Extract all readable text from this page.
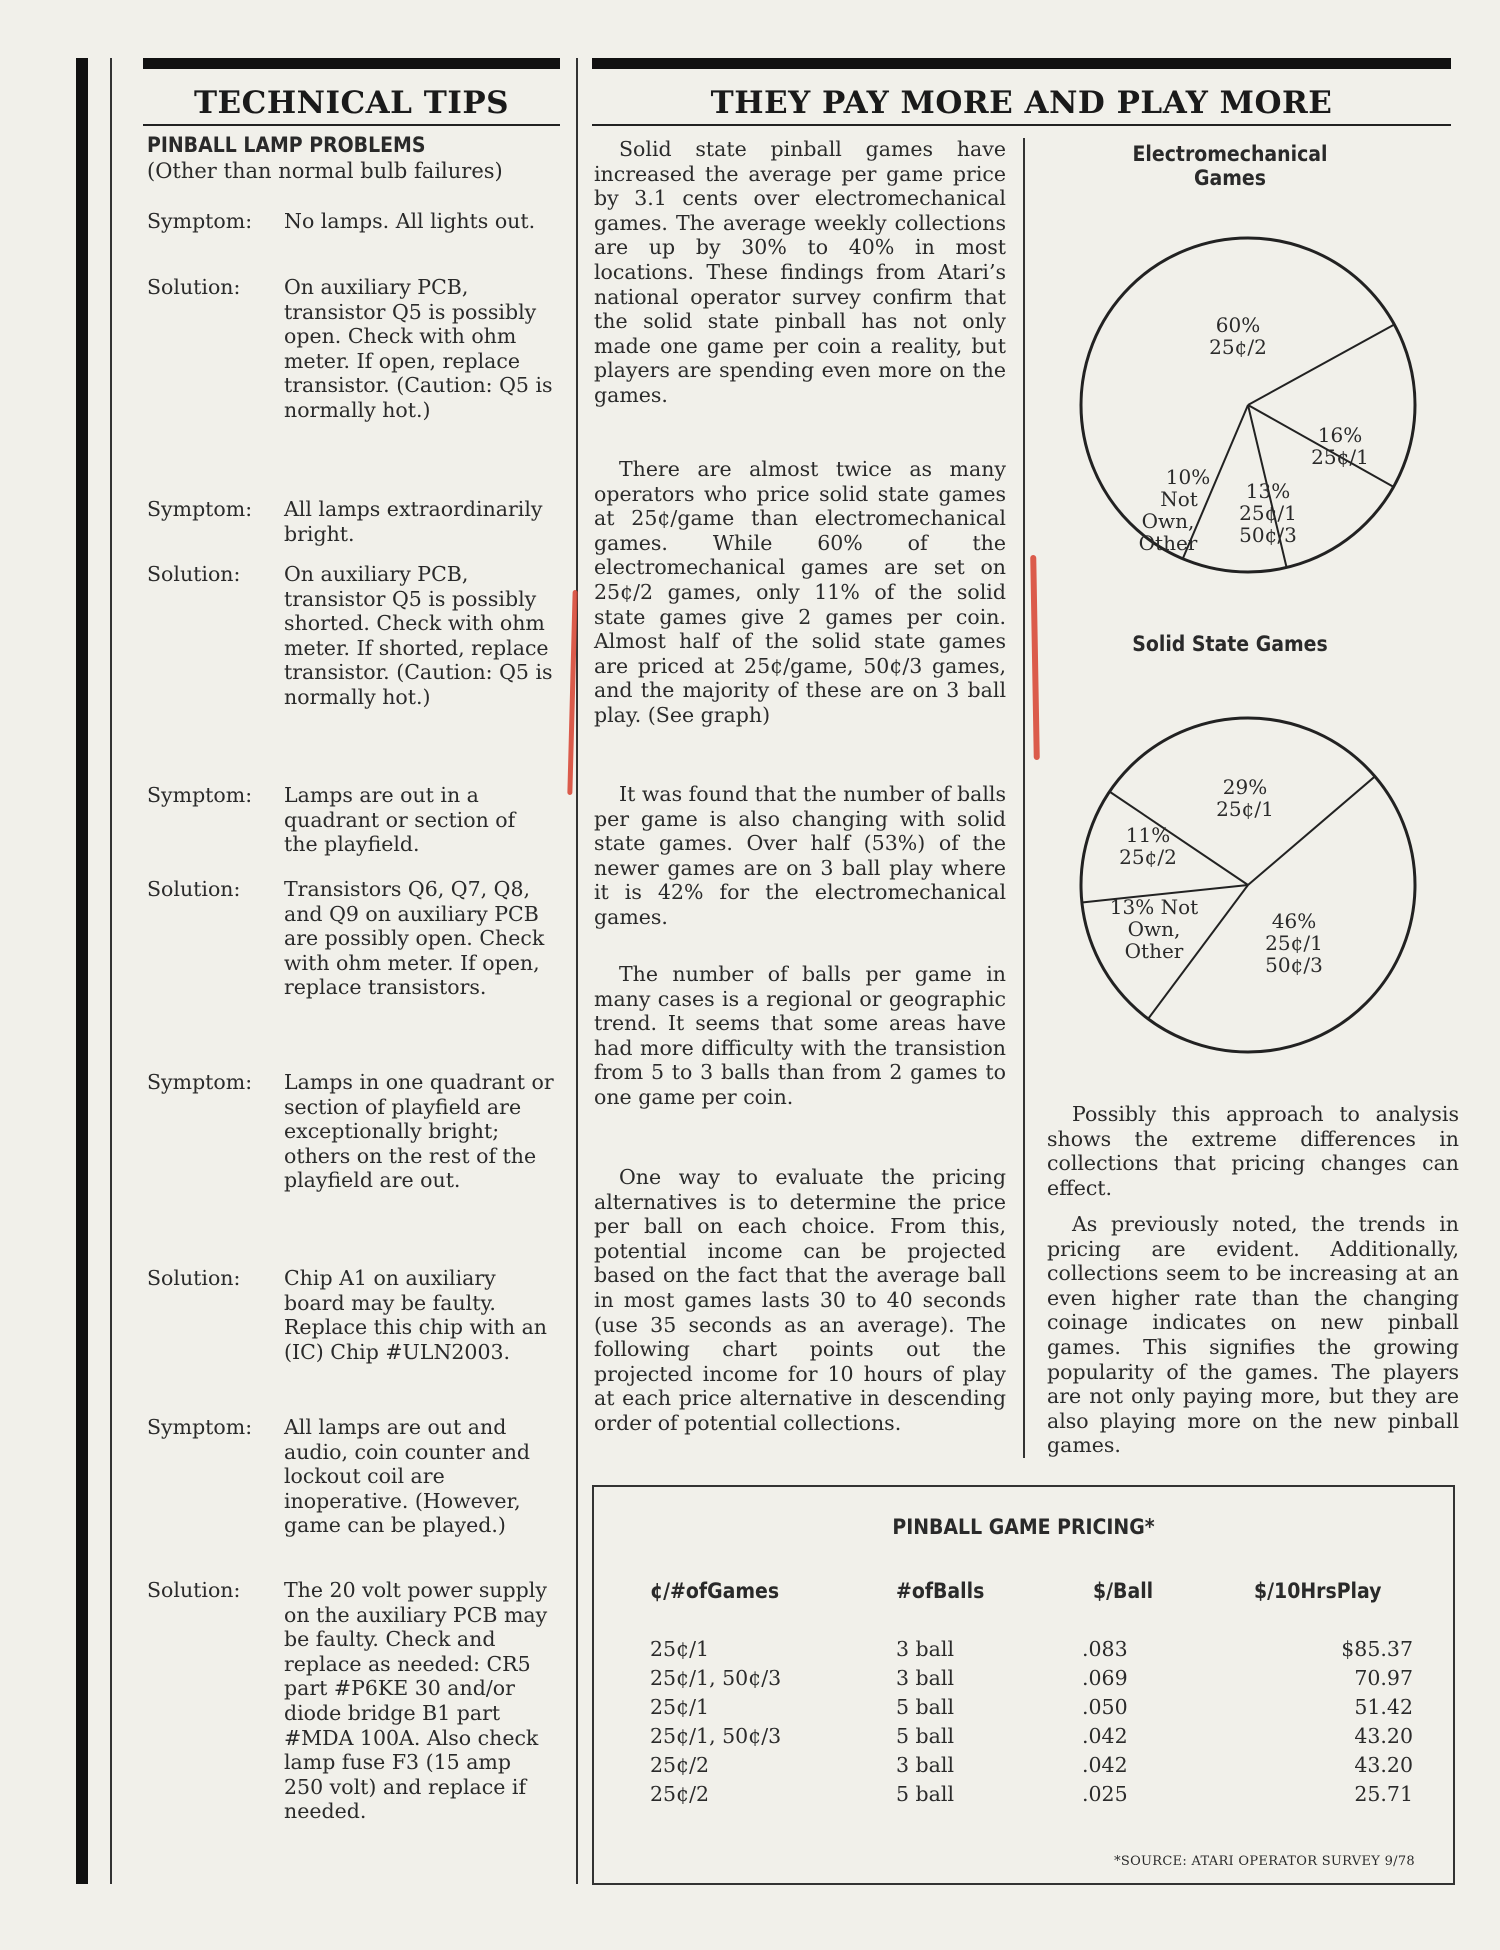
TECHNICAL TIPS
PINBALL LAMP PROBLEMS
(Other than normal bulb failures)
Symptom:	No lamps. All lights out.
Solution:	On auxiliary PCB, transistor Q5 is possibly open. Check with ohm meter. If open, replace transistor. (Caution: Q5 is normally hot.)
Symptom:	All lamps extraordinarily bright.
Solution:	On auxiliary PCB, transistor Q5 is possibly shorted. Check with ohm meter. If shorted, replace transistor. (Caution: Q5 is normally hot.)
Symptom:	Lamps are out in a quadrant or section of the playfield.
Solution:	Transistors Q6, Q7, Q8, and Q9 on auxiliary PCB are possibly open. Check with ohm meter. If open, replace transistors.
Symptom:	Lamps in one quadrant or section of playfield are exceptionally bright; others on the rest of the playfield are out.
Solution:	Chip A1 on auxiliary board may be faulty. Replace this chip with an (IC) Chip #ULN2003.
Symptom:	All lamps are out and audio, coin counter and lockout coil are inoperative. (However, game can be played.)
Solution:	The 20 volt power supply on the auxiliary PCB may be faulty. Check and replace as needed: CR5 part #P6KE 30 and/or diode bridge B1 part #MDA 100A. Also check lamp fuse F3 (15 amp 250 volt) and replace if needed.
THEY PAY MORE AND PLAY MORE
Solid state pinball games have increased the average per game price by 3.1 cents over electromechanical games. The average weekly collections are up by 30% to 40% in most locations. These findings from Atari’s national operator survey confirm that the solid state pinball has not only made one game per coin a reality, but players are spending even more on the games.
There are almost twice as many operators who price solid state games at 25¢/game than electromechanical games. While 60% of the electromechanical games are set on 25¢/2 games, only 11% of the solid state games give 2 games per coin. Almost half of the solid state games are priced at 25¢/game, 50¢/3 games, and the majority of these are on 3 ball play. (See graph)
It was found that the number of balls per game is also changing with solid state games. Over half (53%) of the newer games are on 3 ball play where it is 42% for the electromechanical games.
The number of balls per game in many cases is a regional or geographic trend. It seems that some areas have had more difficulty with the transistion from 5 to 3 balls than from 2 games to one game per coin.
One way to evaluate the pricing alternatives is to determine the price per ball on each choice. From this, potential income can be projected based on the fact that the average ball in most games lasts 30 to 40 seconds (use 35 seconds as an average). The following chart points out the projected income for 10 hours of play at each price alternative in descending order of potential collections.
Possibly this approach to analysis shows the extreme differences in collections that pricing changes can effect.
As previously noted, the trends in pricing are evident. Additionally, collections seem to be increasing at an even higher rate than the changing coinage indicates on new pinball games. This signifies the growing popularity of the games. The players are not only paying more, but they are also playing more on the new pinball games.
Electromechanical Games
60%
25¢/2
16%
25¢/1
13%
25¢/1
50¢/3
10%
Not
Own,
Other
Solid State Games
29%
25¢/1
46%
25¢/1
50¢/3
13% Not
Own,
Other
11%
25¢/2
PINBALL GAME PRICING*
¢/#ofGames	#ofBalls	$/Ball	$/10HrsPlay
25¢/1	3 ball	.083	$85.37
25¢/1, 50¢/3	3 ball	.069	70.97
25¢/1	5 ball	.050	51.42
25¢/1, 50¢/3	5 ball	.042	43.20
25¢/2	3 ball	.042	43.20
25¢/2	5 ball	.025	25.71
*SOURCE: ATARI OPERATOR SURVEY 9/78
